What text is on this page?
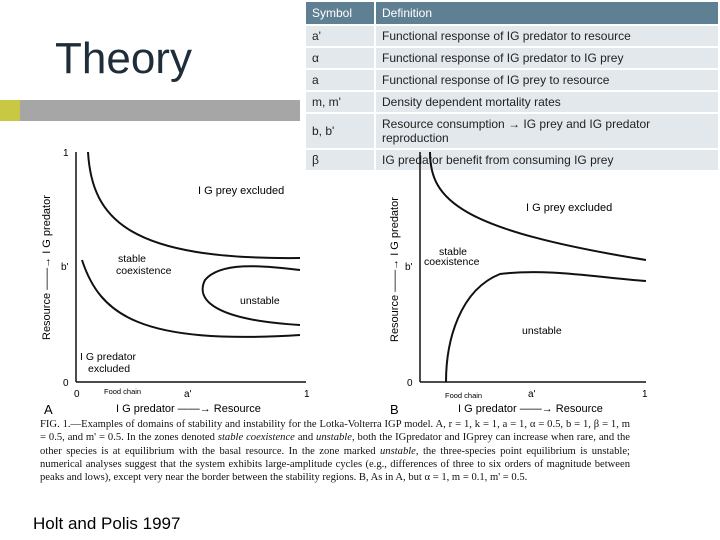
Theory
Symbol	Definition
a'	Functional response of IG predator to resource
α	Functional response of IG predator to IG prey
a	Functional response of IG prey to resource
m, m'	Density dependent mortality rates
b, b'	Resource consumption → IG prey and IG predator reproduction
β	IG predator benefit from consuming IG prey
1
b'
0
0	a'	1
Resource ——→ I G predator
I G predator ——→ Resource
I G prey excluded
stable
coexistence
unstable
I G predator
excluded
Food chain
A
b'
0
a'	1
Resource ——→ I G predator
I G predator ——→ Resource
I G prey excluded
stable
coexistence
unstable
Food chain
B
FIG. 1.—Examples of domains of stability and instability for the Lotka-Volterra IGP model. A, r = 1, k = 1, a = 1, α = 0.5, b = 1, β = 1, m = 0.5, and m' = 0.5. In the zones denoted stable coexistence and unstable, both the IGpredator and IGprey can increase when rare, and the other species is at equilibrium with the basal resource. In the zone marked unstable, the three-species point equilibrium is unstable; numerical analyses suggest that the system exhibits large-amplitude cycles (e.g., differences of three to six orders of magnitude between peaks and lows), except very near the border between the stability regions. B, As in A, but α = 1, m = 0.1, m' = 0.5.
Holt and Polis 1997
